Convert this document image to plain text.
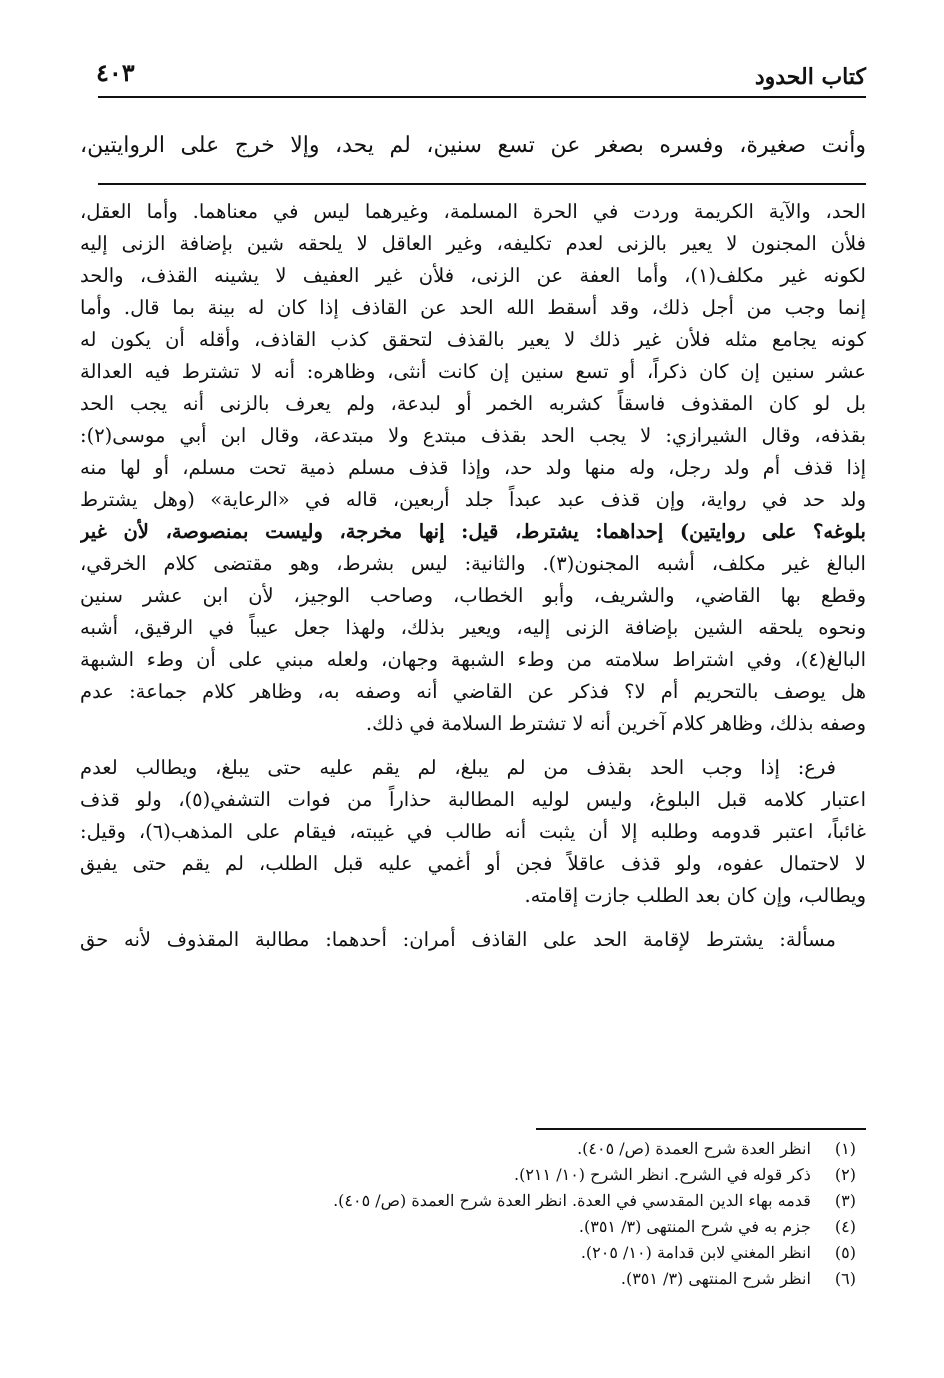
كتاب الحدود
٤٠٣
وأنت صغيرة، وفسره بصغر عن تسع سنين، لم يحد، وإلا خرج على الروايتين،
الحد، والآية الكريمة وردت في الحرة المسلمة، وغيرهما ليس في معناهما. وأما العقل،
فلأن المجنون لا يعير بالزنى لعدم تكليفه، وغير العاقل لا يلحقه شين بإضافة الزنى إليه
لكونه غير مكلف(١)، وأما العفة عن الزنى، فلأن غير العفيف لا يشينه القذف، والحد
إنما وجب من أجل ذلك، وقد أسقط الله الحد عن القاذف إذا كان له بينة بما قال. وأما
كونه يجامع مثله فلأن غير ذلك لا يعير بالقذف لتحقق كذب القاذف، وأقله أن يكون له
عشر سنين إن كان ذكراً، أو تسع سنين إن كانت أنثى، وظاهره: أنه لا تشترط فيه العدالة
بل لو كان المقذوف فاسقاً كشربه الخمر أو لبدعة، ولم يعرف بالزنى أنه يجب الحد
بقذفه، وقال الشيرازي: لا يجب الحد بقذف مبتدع ولا مبتدعة، وقال ابن أبي موسى(٢):
إذا قذف أم ولد رجل، وله منها ولد حد، وإذا قذف مسلم ذمية تحت مسلم، أو لها منه
ولد حد في رواية، وإن قذف عبد عبداً جلد أربعين، قاله في «الرعاية» (وهل يشترط
بلوغه؟ على روايتين) إحداهما: يشترط، قيل: إنها مخرجة، وليست بمنصوصة، لأن غير
البالغ غير مكلف، أشبه المجنون(٣). والثانية: ليس بشرط، وهو مقتضى كلام الخرقي،
وقطع بها القاضي، والشريف، وأبو الخطاب، وصاحب الوجيز، لأن ابن عشر سنين
ونحوه يلحقه الشين بإضافة الزنى إليه، ويعير بذلك، ولهذا جعل عيباً في الرقيق، أشبه
البالغ(٤)، وفي اشتراط سلامته من وطء الشبهة وجهان، ولعله مبني على أن وطء الشبهة
هل يوصف بالتحريم أم لا؟ فذكر عن القاضي أنه وصفه به، وظاهر كلام جماعة: عدم
وصفه بذلك، وظاهر كلام آخرين أنه لا تشترط السلامة في ذلك.
فرع: إذا وجب الحد بقذف من لم يبلغ، لم يقم عليه حتى يبلغ، ويطالب لعدم
اعتبار كلامه قبل البلوغ، وليس لوليه المطالبة حذاراً من فوات التشفي(٥)، ولو قذف
غائباً، اعتبر قدومه وطلبه إلا أن يثبت أنه طالب في غيبته، فيقام على المذهب(٦)، وقيل:
لا لاحتمال عفوه، ولو قذف عاقلاً فجن أو أغمي عليه قبل الطلب، لم يقم حتى يفيق
ويطالب، وإن كان بعد الطلب جازت إقامته.
مسألة: يشترط لإقامة الحد على القاذف أمران: أحدهما: مطالبة المقذوف لأنه حق
(١) انظر العدة شرح العمدة (ص/ ٤٠٥).
(٢) ذكر قوله في الشرح. انظر الشرح (١٠/ ٢١١).
(٣) قدمه بهاء الدين المقدسي في العدة. انظر العدة شرح العمدة (ص/ ٤٠٥).
(٤) جزم به في شرح المنتهى (٣/ ٣٥١).
(٥) انظر المغني لابن قدامة (١٠/ ٢٠٥).
(٦) انظر شرح المنتهى (٣/ ٣٥١).
